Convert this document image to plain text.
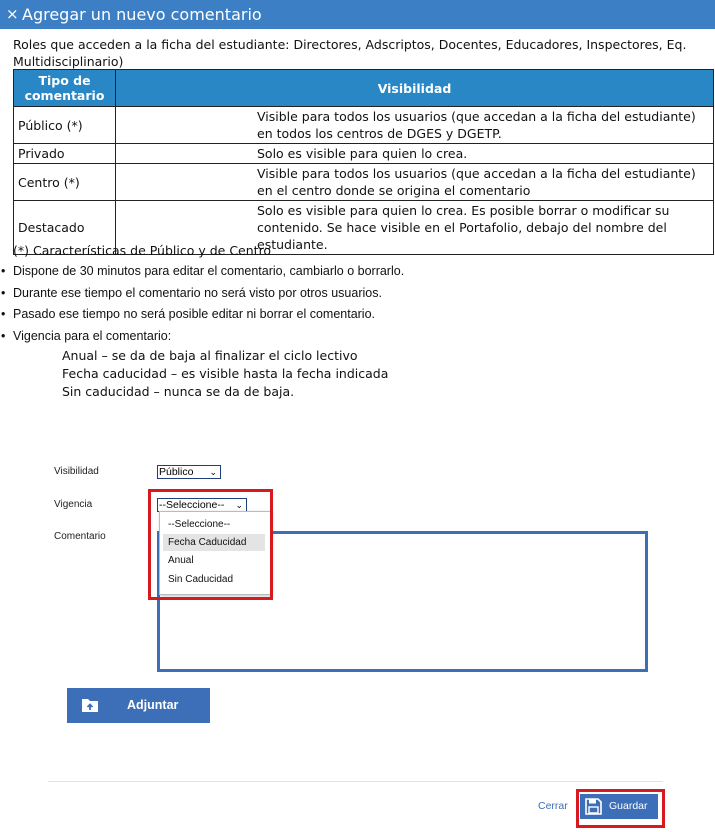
× Agregar un nuevo comentario
Roles que acceden a la ficha del estudiante: Directores, Adscriptos, Docentes, Educadores, Inspectores, Eq. Multidisciplinario)
Tipo de comentario	Visibilidad
Público (*)	Visible para todos los usuarios (que accedan a la ficha del estudiante) en todos los centros de DGES y DGETP.
Privado	Solo es visible para quien lo crea.
Centro (*)	Visible para todos los usuarios (que accedan a la ficha del estudiante) en el centro donde se origina el comentario
Destacado	Solo es visible para quien lo crea. Es posible borrar o modificar su contenido. Se hace visible en el Portafolio, debajo del nombre del estudiante.
(*) Características de Público y de Centro
• Dispone de 30 minutos para editar el comentario, cambiarlo o borrarlo.
• Durante ese tiempo el comentario no será visto por otros usuarios.
• Pasado ese tiempo no será posible editar ni borrar el comentario.
• Vigencia para el comentario:
Anual – se da de baja al finalizar el ciclo lectivo
Fecha caducidad – es visible hasta la fecha indicada
Sin caducidad – nunca se da de baja.
Visibilidad	Público ⌄
Vigencia	--Seleccione-- ⌄
Comentario
--Seleccione--
Fecha Caducidad
Anual
Sin Caducidad
Adjuntar
Cerrar	Guardar
